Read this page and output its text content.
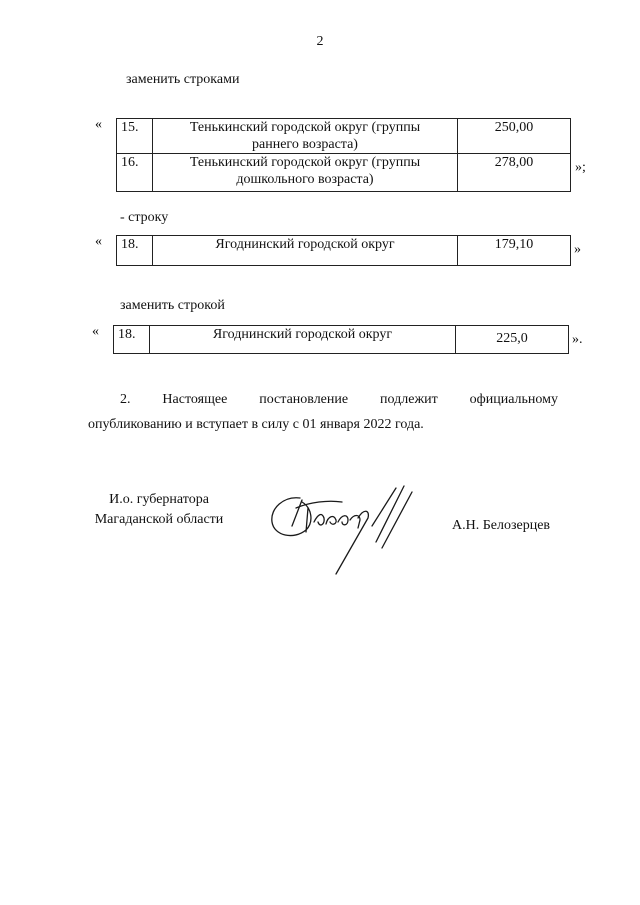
2
заменить строками
« 15.	Тенькинский городской округ (группы
раннего возраста)	250,00
16.	Тенькинский городской округ (группы
дошкольного возраста)	278,00	»;
- строку
« 18.	Ягоднинский городской округ	179,10	»
заменить строкой
« 18.	Ягоднинский городской округ	225,0	».
2. Настоящее постановление подлежит официальному
опубликованию и вступает в силу с 01 января 2022 года.
И.о. губернатора
Магаданской области	А.Н. Белозерцев
